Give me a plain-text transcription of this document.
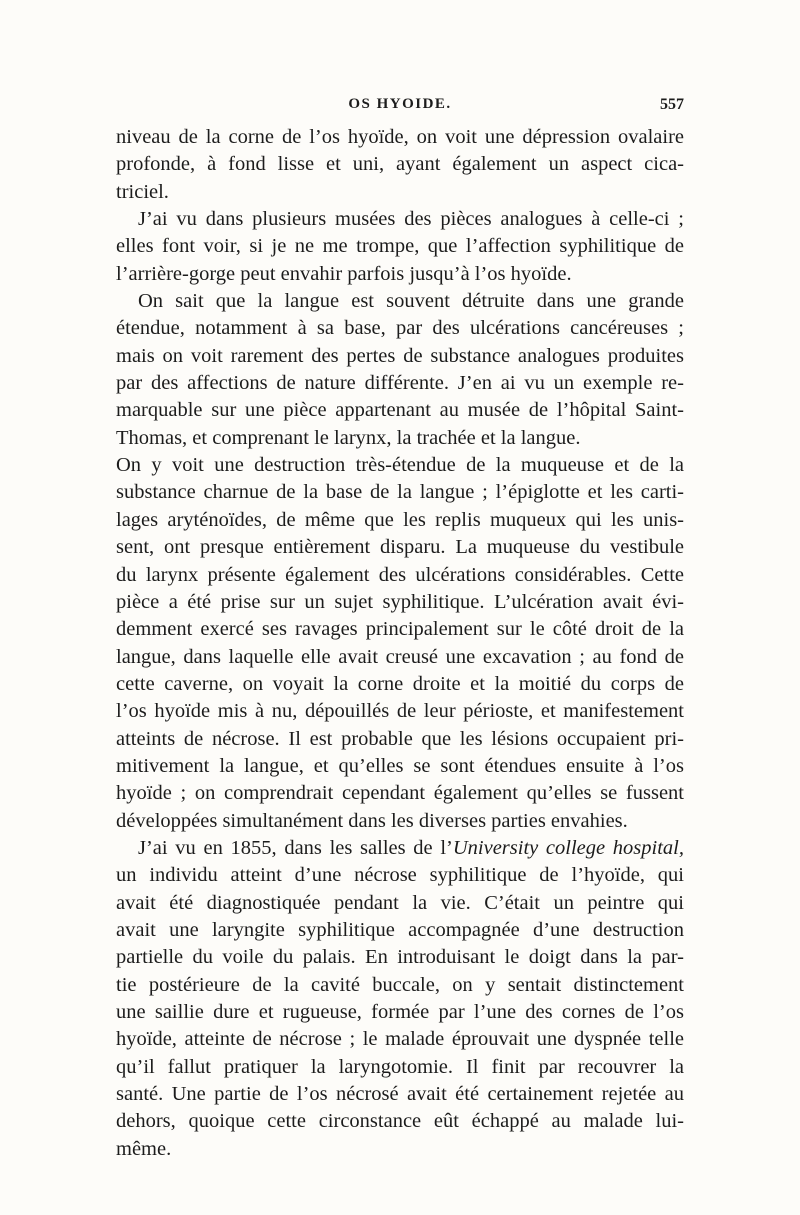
OS HYOIDE.	557
niveau de la corne de l’os hyoïde, on voit une dépression ovalaire
profonde, à fond lisse et uni, ayant également un aspect cica-
triciel.
J’ai vu dans plusieurs musées des pièces analogues à celle-ci ;
elles font voir, si je ne me trompe, que l’affection syphilitique de
l’arrière-gorge peut envahir parfois jusqu’à l’os hyoïde.
On sait que la langue est souvent détruite dans une grande
étendue, notamment à sa base, par des ulcérations cancéreuses ;
mais on voit rarement des pertes de substance analogues produites
par des affections de nature différente. J’en ai vu un exemple re-
marquable sur une pièce appartenant au musée de l’hôpital Saint-
Thomas, et comprenant le larynx, la trachée et la langue.
On y voit une destruction très-étendue de la muqueuse et de la
substance charnue de la base de la langue ; l’épiglotte et les carti-
lages aryténoïdes, de même que les replis muqueux qui les unis-
sent, ont presque entièrement disparu. La muqueuse du vestibule
du larynx présente également des ulcérations considérables. Cette
pièce a été prise sur un sujet syphilitique. L’ulcération avait évi-
demment exercé ses ravages principalement sur le côté droit de la
langue, dans laquelle elle avait creusé une excavation ; au fond de
cette caverne, on voyait la corne droite et la moitié du corps de
l’os hyoïde mis à nu, dépouillés de leur périoste, et manifestement
atteints de nécrose. Il est probable que les lésions occupaient pri-
mitivement la langue, et qu’elles se sont étendues ensuite à l’os
hyoïde ; on comprendrait cependant également qu’elles se fussent
développées simultanément dans les diverses parties envahies.
J’ai vu en 1855, dans les salles de l’University college hospital,
un individu atteint d’une nécrose syphilitique de l’hyoïde, qui
avait été diagnostiquée pendant la vie. C’était un peintre qui
avait une laryngite syphilitique accompagnée d’une destruction
partielle du voile du palais. En introduisant le doigt dans la par-
tie postérieure de la cavité buccale, on y sentait distinctement
une saillie dure et rugueuse, formée par l’une des cornes de l’os
hyoïde, atteinte de nécrose ; le malade éprouvait une dyspnée telle
qu’il fallut pratiquer la laryngotomie. Il finit par recouvrer la
santé. Une partie de l’os nécrosé avait été certainement rejetée au
dehors, quoique cette circonstance eût échappé au malade lui-
même.
